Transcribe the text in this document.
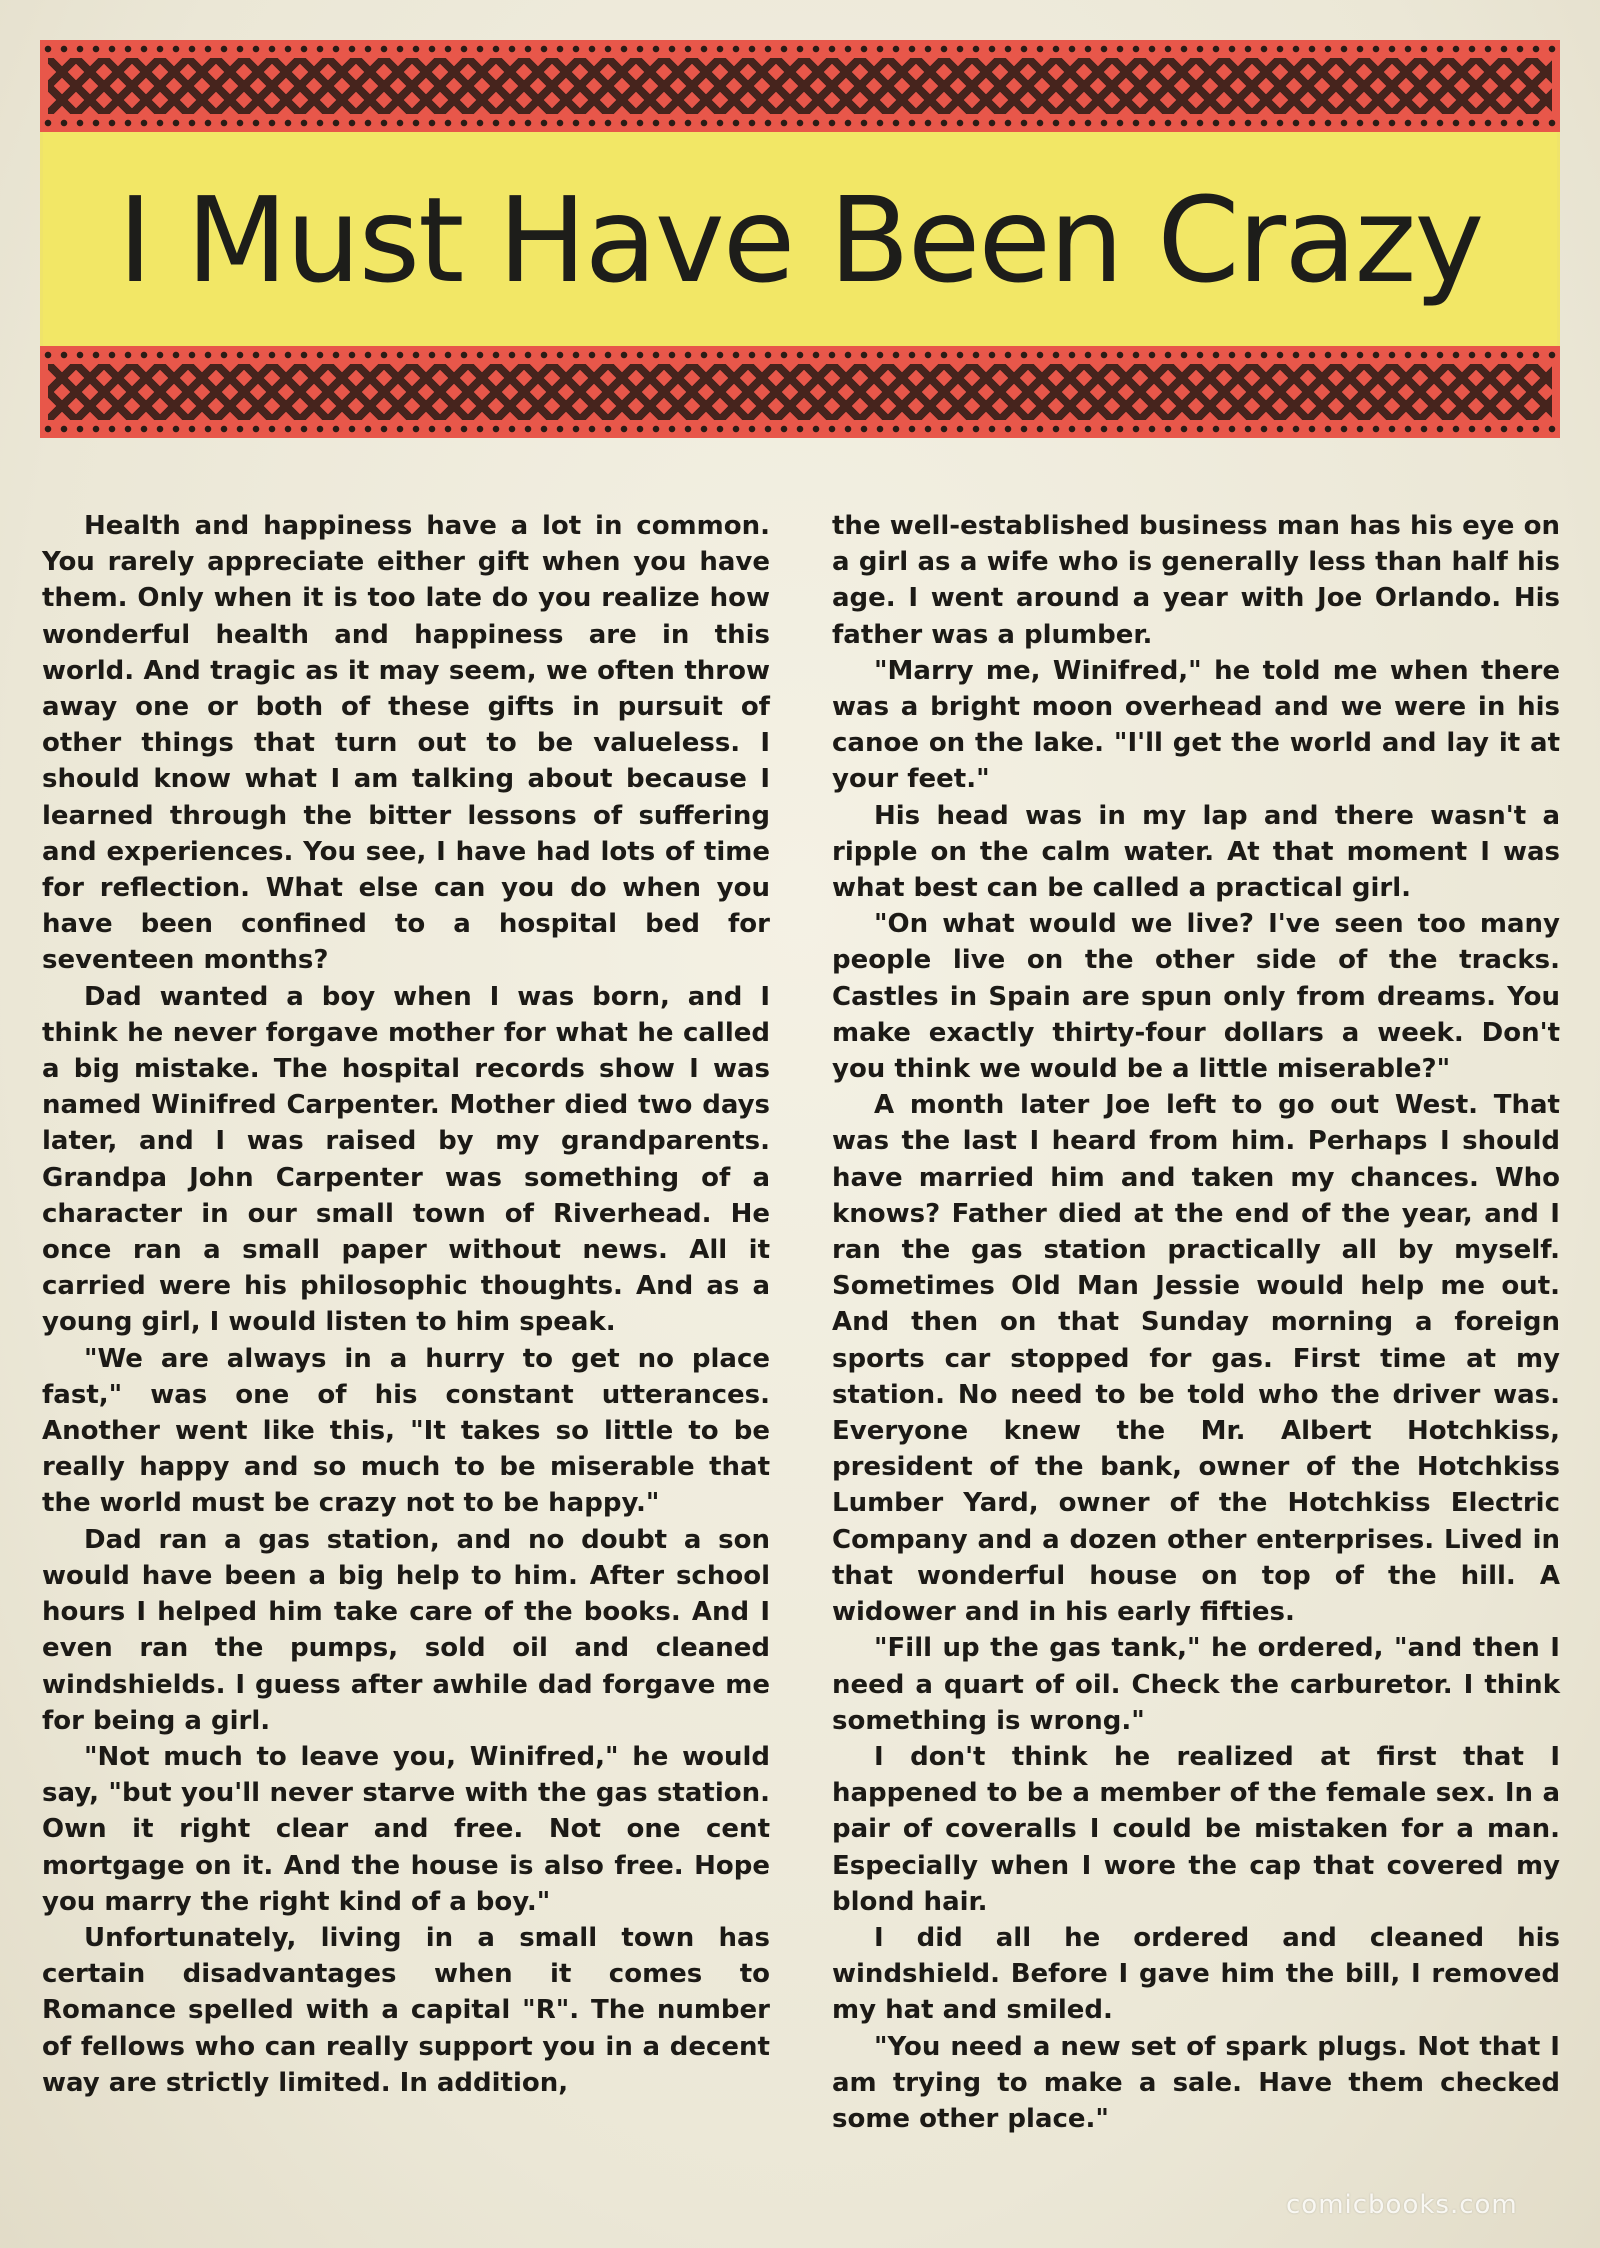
I Must Have Been Crazy

Health and happiness have a lot in common. You rarely appreciate either gift when you have them. Only when it is too late do you realize how wonderful health and happiness are in this world. And tragic as it may seem, we often throw away one or both of these gifts in pursuit of other things that turn out to be valueless. I should know what I am talking about because I learned through the bitter lessons of suffering and experiences. You see, I have had lots of time for reflection. What else can you do when you have been confined to a hospital bed for seventeen months?

Dad wanted a boy when I was born, and I think he never forgave mother for what he called a big mistake. The hospital records show I was named Winifred Carpenter. Mother died two days later, and I was raised by my grandparents. Grandpa John Carpenter was something of a character in our small town of Riverhead. He once ran a small paper without news. All it carried were his philosophic thoughts. And as a young girl, I would listen to him speak.

"We are always in a hurry to get no place fast," was one of his constant utterances. Another went like this, "It takes so little to be really happy and so much to be miserable that the world must be crazy not to be happy."

Dad ran a gas station, and no doubt a son would have been a big help to him. After school hours I helped him take care of the books. And I even ran the pumps, sold oil and cleaned windshields. I guess after awhile dad forgave me for being a girl.

"Not much to leave you, Winifred," he would say, "but you'll never starve with the gas station. Own it right clear and free. Not one cent mortgage on it. And the house is also free. Hope you marry the right kind of a boy."

Unfortunately, living in a small town has certain disadvantages when it comes to Romance spelled with a capital "R". The number of fellows who can really support you in a decent way are strictly limited. In addition,

the well-established business man has his eye on a girl as a wife who is generally less than half his age. I went around a year with Joe Orlando. His father was a plumber.

"Marry me, Winifred," he told me when there was a bright moon overhead and we were in his canoe on the lake. "I'll get the world and lay it at your feet."

His head was in my lap and there wasn't a ripple on the calm water. At that moment I was what best can be called a practical girl.

"On what would we live? I've seen too many people live on the other side of the tracks. Castles in Spain are spun only from dreams. You make exactly thirty-four dollars a week. Don't you think we would be a little miserable?"

A month later Joe left to go out West. That was the last I heard from him. Perhaps I should have married him and taken my chances. Who knows? Father died at the end of the year, and I ran the gas station practically all by myself. Sometimes Old Man Jessie would help me out. And then on that Sunday morning a foreign sports car stopped for gas. First time at my station. No need to be told who the driver was. Everyone knew the Mr. Albert Hotchkiss, president of the bank, owner of the Hotchkiss Lumber Yard, owner of the Hotchkiss Electric Company and a dozen other enterprises. Lived in that wonderful house on top of the hill. A widower and in his early fifties.

"Fill up the gas tank," he ordered, "and then I need a quart of oil. Check the carburetor. I think something is wrong."

I don't think he realized at first that I happened to be a member of the female sex. In a pair of coveralls I could be mistaken for a man. Especially when I wore the cap that covered my blond hair.

I did all he ordered and cleaned his windshield. Before I gave him the bill, I removed my hat and smiled.

"You need a new set of spark plugs. Not that I am trying to make a sale. Have them checked some other place."

comicbooks.com
